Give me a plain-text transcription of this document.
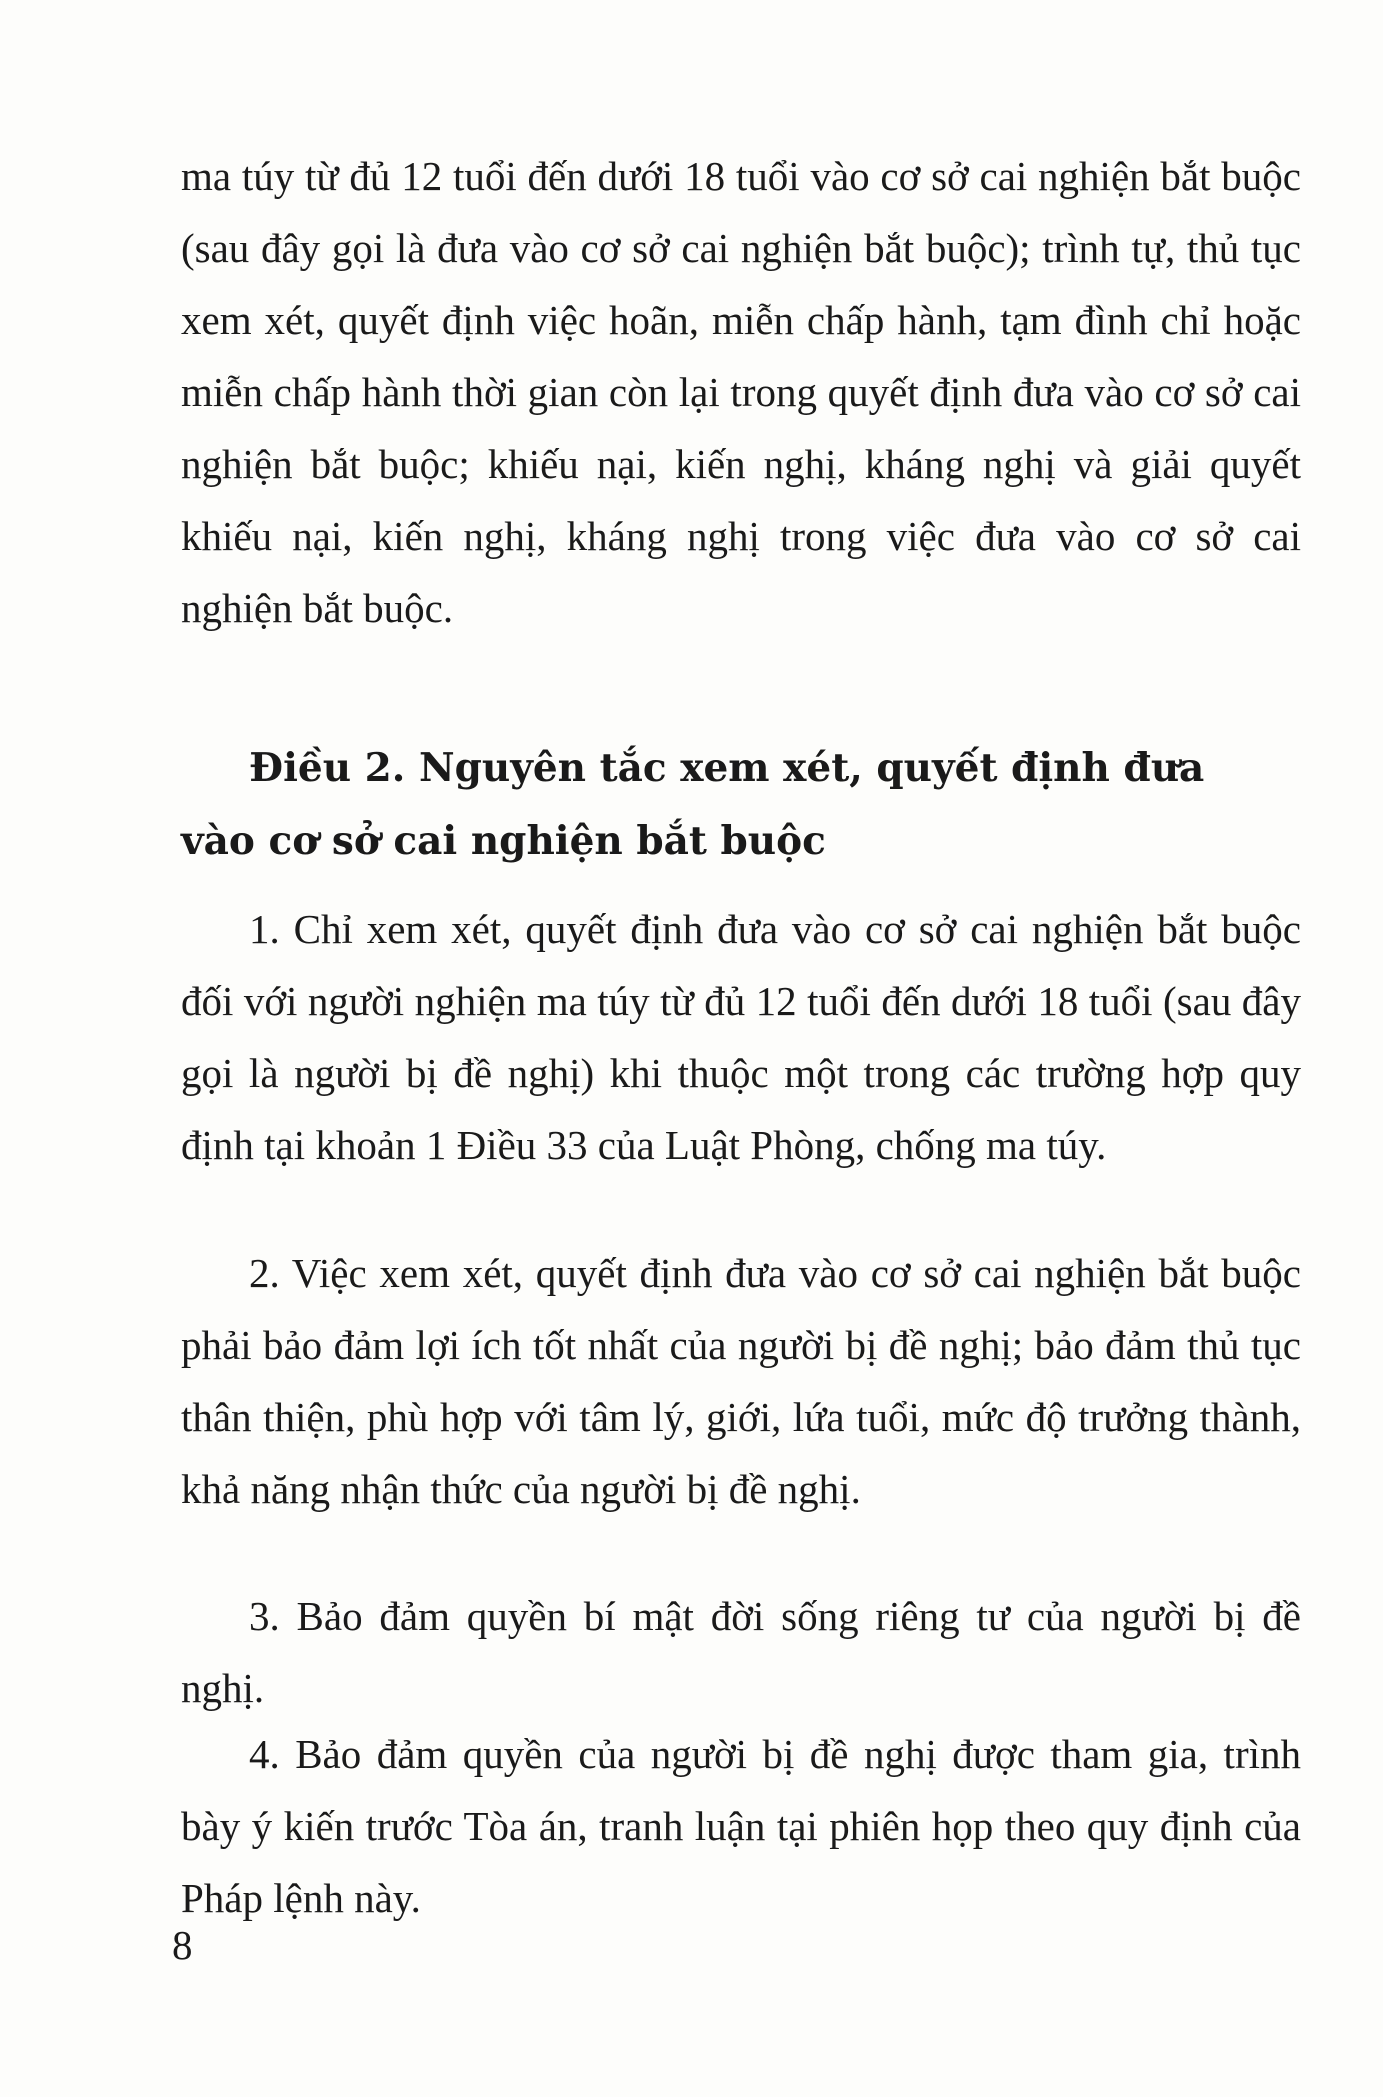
ma túy từ đủ 12 tuổi đến dưới 18 tuổi vào cơ sở cai nghiện bắt buộc (sau đây gọi là đưa vào cơ sở cai nghiện bắt buộc); trình tự, thủ tục xem xét, quyết định việc hoãn, miễn chấp hành, tạm đình chỉ hoặc miễn chấp hành thời gian còn lại trong quyết định đưa vào cơ sở cai nghiện bắt buộc; khiếu nại, kiến nghị, kháng nghị và giải quyết khiếu nại, kiến nghị, kháng nghị trong việc đưa vào cơ sở cai nghiện bắt buộc.

Điều 2. Nguyên tắc xem xét, quyết định đưa
vào cơ sở cai nghiện bắt buộc

1. Chỉ xem xét, quyết định đưa vào cơ sở cai nghiện bắt buộc đối với người nghiện ma túy từ đủ 12 tuổi đến dưới 18 tuổi (sau đây gọi là người bị đề nghị) khi thuộc một trong các trường hợp quy định tại khoản 1 Điều 33 của Luật Phòng, chống ma túy.

2. Việc xem xét, quyết định đưa vào cơ sở cai nghiện bắt buộc phải bảo đảm lợi ích tốt nhất của người bị đề nghị; bảo đảm thủ tục thân thiện, phù hợp với tâm lý, giới, lứa tuổi, mức độ trưởng thành, khả năng nhận thức của người bị đề nghị.

3. Bảo đảm quyền bí mật đời sống riêng tư của người bị đề nghị.

4. Bảo đảm quyền của người bị đề nghị được tham gia, trình bày ý kiến trước Tòa án, tranh luận tại phiên họp theo quy định của Pháp lệnh này.

8
